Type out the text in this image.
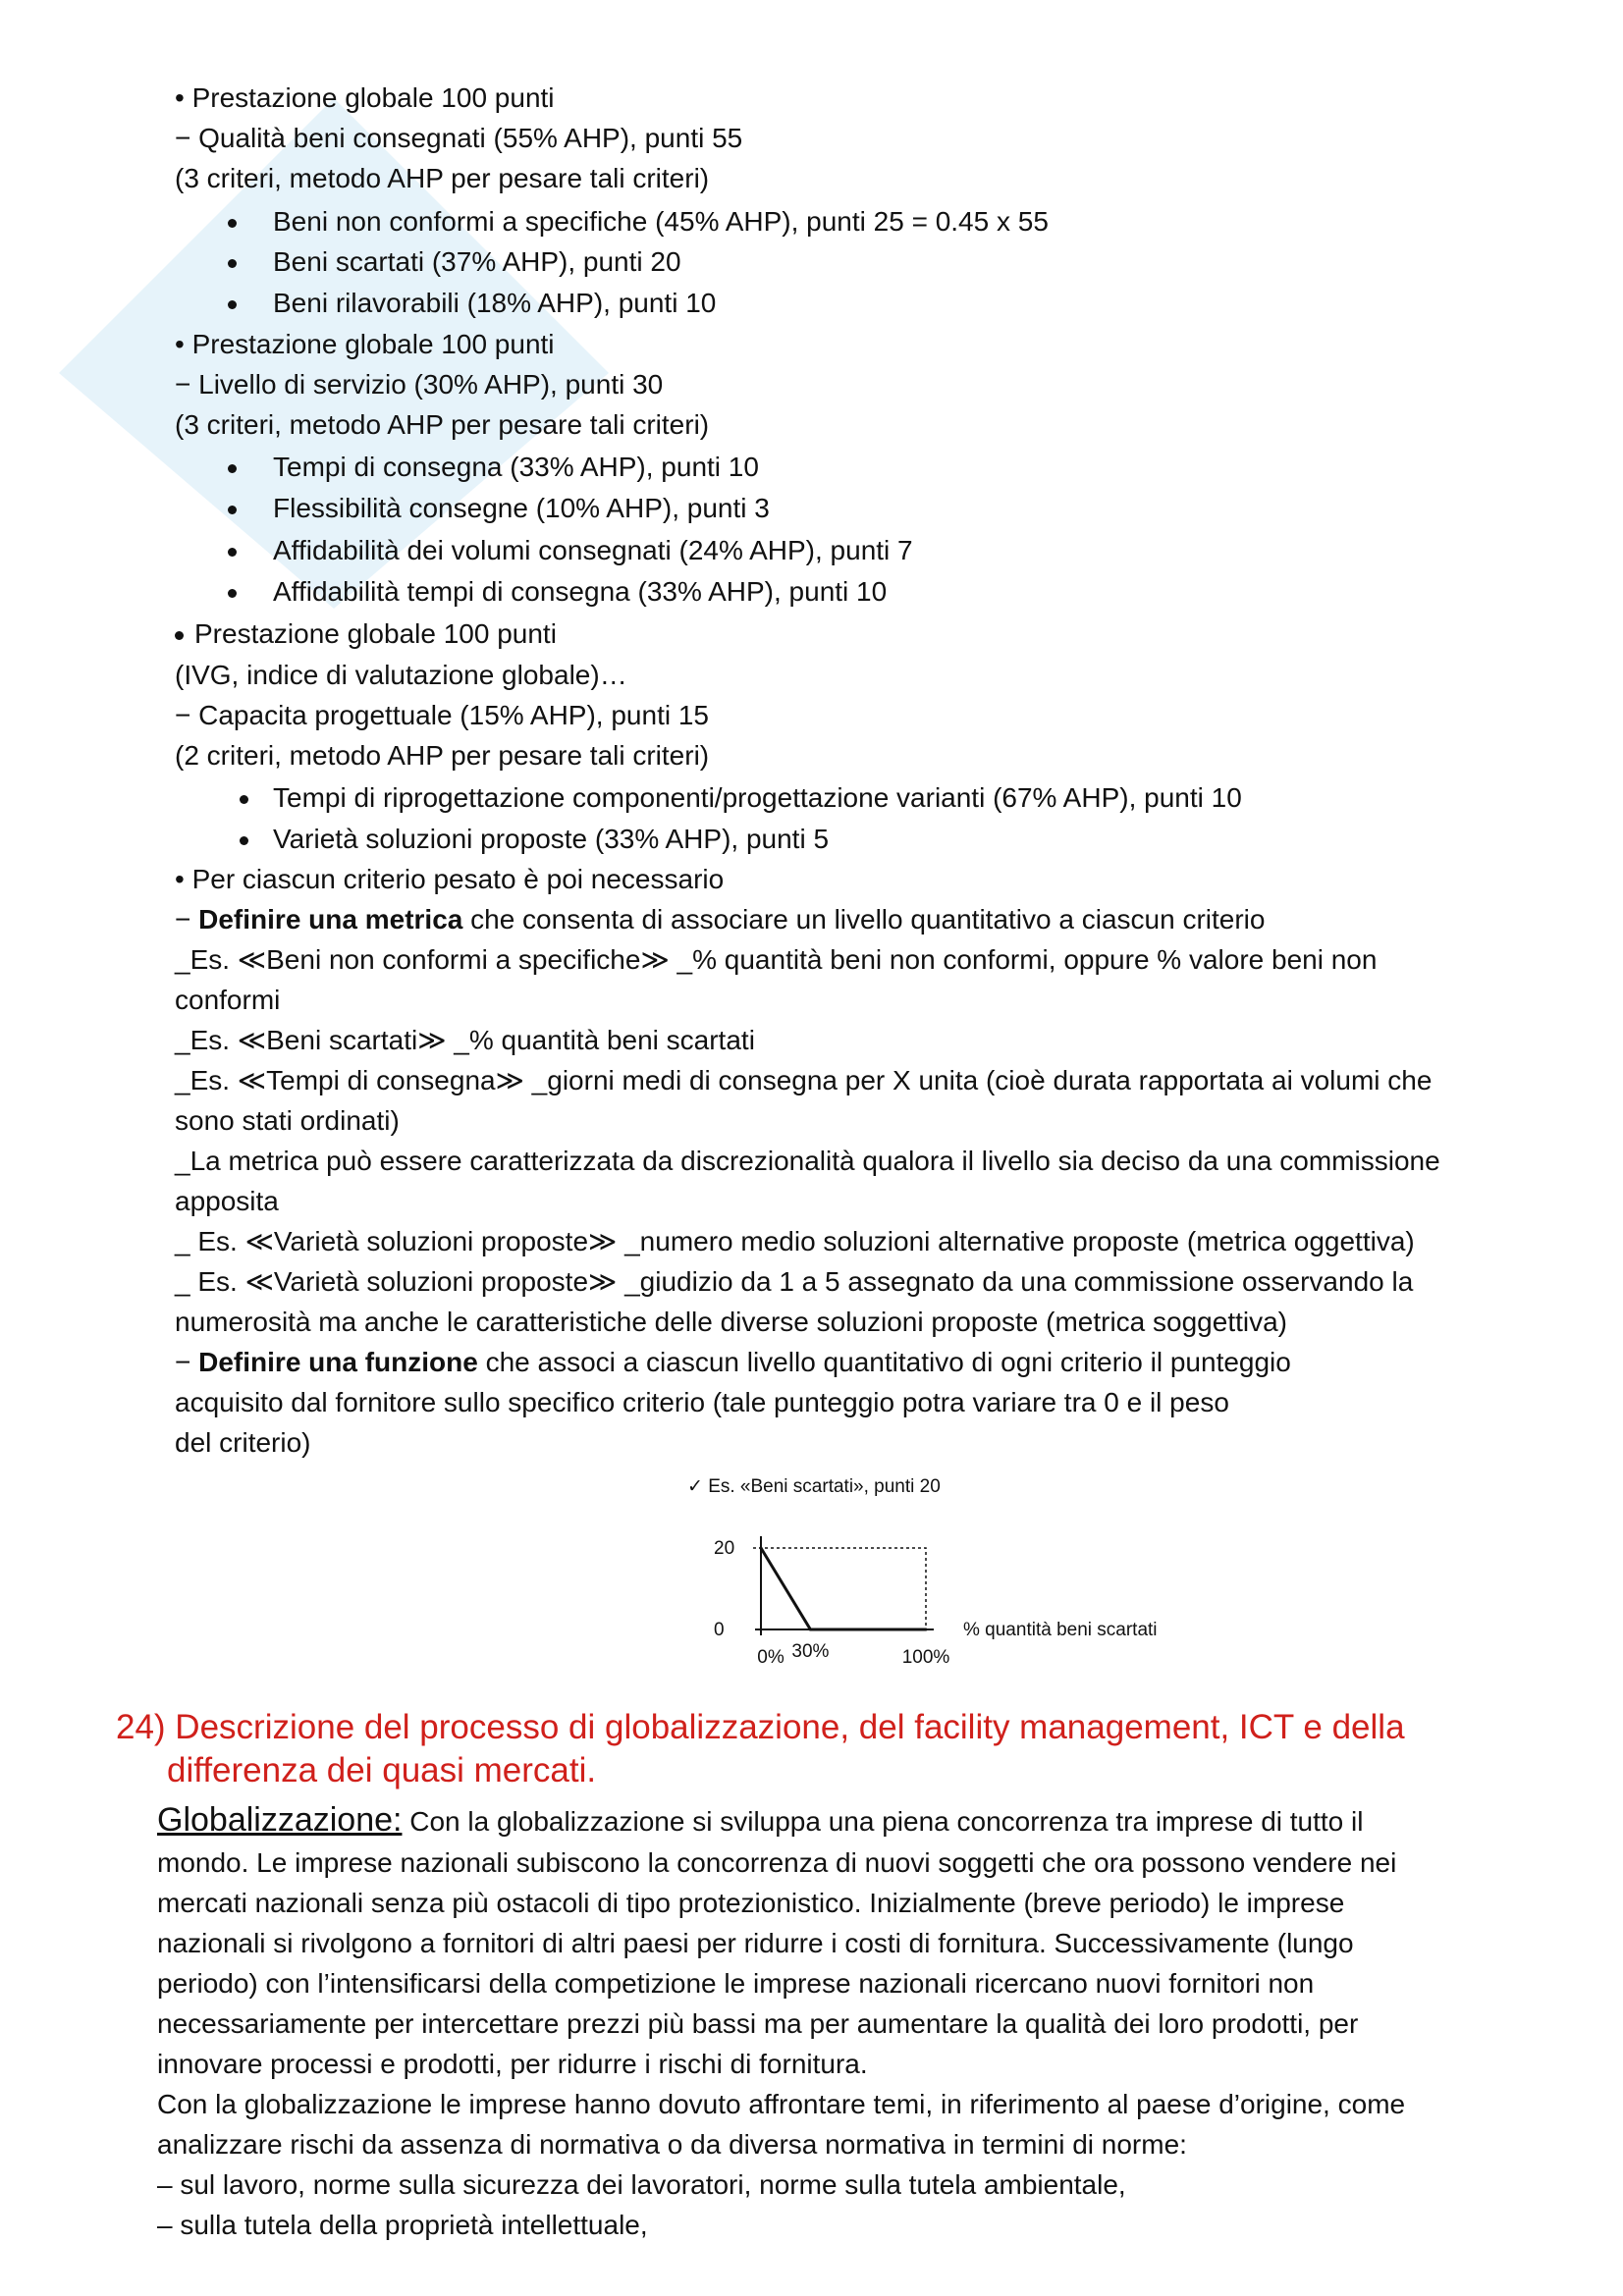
• Prestazione globale 100 punti
− Qualità beni consegnati (55% AHP), punti 55
(3 criteri, metodo AHP per pesare tali criteri)
Beni non conformi a specifiche (45% AHP), punti 25 = 0.45 x 55
Beni scartati (37% AHP), punti 20
Beni rilavorabili (18% AHP), punti 10
• Prestazione globale 100 punti
− Livello di servizio (30% AHP), punti 30
(3 criteri, metodo AHP per pesare tali criteri)
Tempi di consegna (33% AHP), punti 10
Flessibilità consegne (10% AHP), punti 3
Affidabilità dei volumi consegnati (24% AHP), punti 7
Affidabilità tempi di consegna (33% AHP), punti 10
Prestazione globale 100 punti
(IVG, indice di valutazione globale)…
− Capacita progettuale (15% AHP), punti 15
(2 criteri, metodo AHP per pesare tali criteri)
Tempi di riprogettazione componenti/progettazione varianti (67% AHP), punti 10
Varietà soluzioni proposte (33% AHP), punti 5
• Per ciascun criterio pesato è poi necessario
− Definire una metrica che consenta di associare un livello quantitativo a ciascun criterio
_Es. ≪Beni non conformi a specifiche≫ _% quantità beni non conformi, oppure % valore beni non
conformi
_Es. ≪Beni scartati≫ _% quantità beni scartati
_Es. ≪Tempi di consegna≫ _giorni medi di consegna per X unita (cioè durata rapportata ai volumi che
sono stati ordinati)
_La metrica può essere caratterizzata da discrezionalità qualora il livello sia deciso da una commissione
apposita
_ Es. ≪Varietà soluzioni proposte≫ _numero medio soluzioni alternative proposte (metrica oggettiva)
_ Es. ≪Varietà soluzioni proposte≫ _giudizio da 1 a 5 assegnato da una commissione osservando la
numerosità ma anche le caratteristiche delle diverse soluzioni proposte (metrica soggettiva)
− Definire una funzione che associ a ciascun livello quantitativo di ogni criterio il punteggio
acquisito dal fornitore sullo specifico criterio (tale punteggio potra variare tra 0 e il peso
del criterio)
✓ Es. «Beni scartati», punti 20
20
0
0% 30%	100%
% quantità beni scartati
24) Descrizione del processo di globalizzazione, del facility management, ICT e della
differenza dei quasi mercati.
Globalizzazione: Con la globalizzazione si sviluppa una piena concorrenza tra imprese di tutto il
mondo. Le imprese nazionali subiscono la concorrenza di nuovi soggetti che ora possono vendere nei
mercati nazionali senza più ostacoli di tipo protezionistico. Inizialmente (breve periodo) le imprese
nazionali si rivolgono a fornitori di altri paesi per ridurre i costi di fornitura. Successivamente (lungo
periodo) con l’intensificarsi della competizione le imprese nazionali ricercano nuovi fornitori non
necessariamente per intercettare prezzi più bassi ma per aumentare la qualità dei loro prodotti, per
innovare processi e prodotti, per ridurre i rischi di fornitura.
Con la globalizzazione le imprese hanno dovuto affrontare temi, in riferimento al paese d’origine, come
analizzare rischi da assenza di normativa o da diversa normativa in termini di norme:
– sul lavoro, norme sulla sicurezza dei lavoratori, norme sulla tutela ambientale,
– sulla tutela della proprietà intellettuale,
